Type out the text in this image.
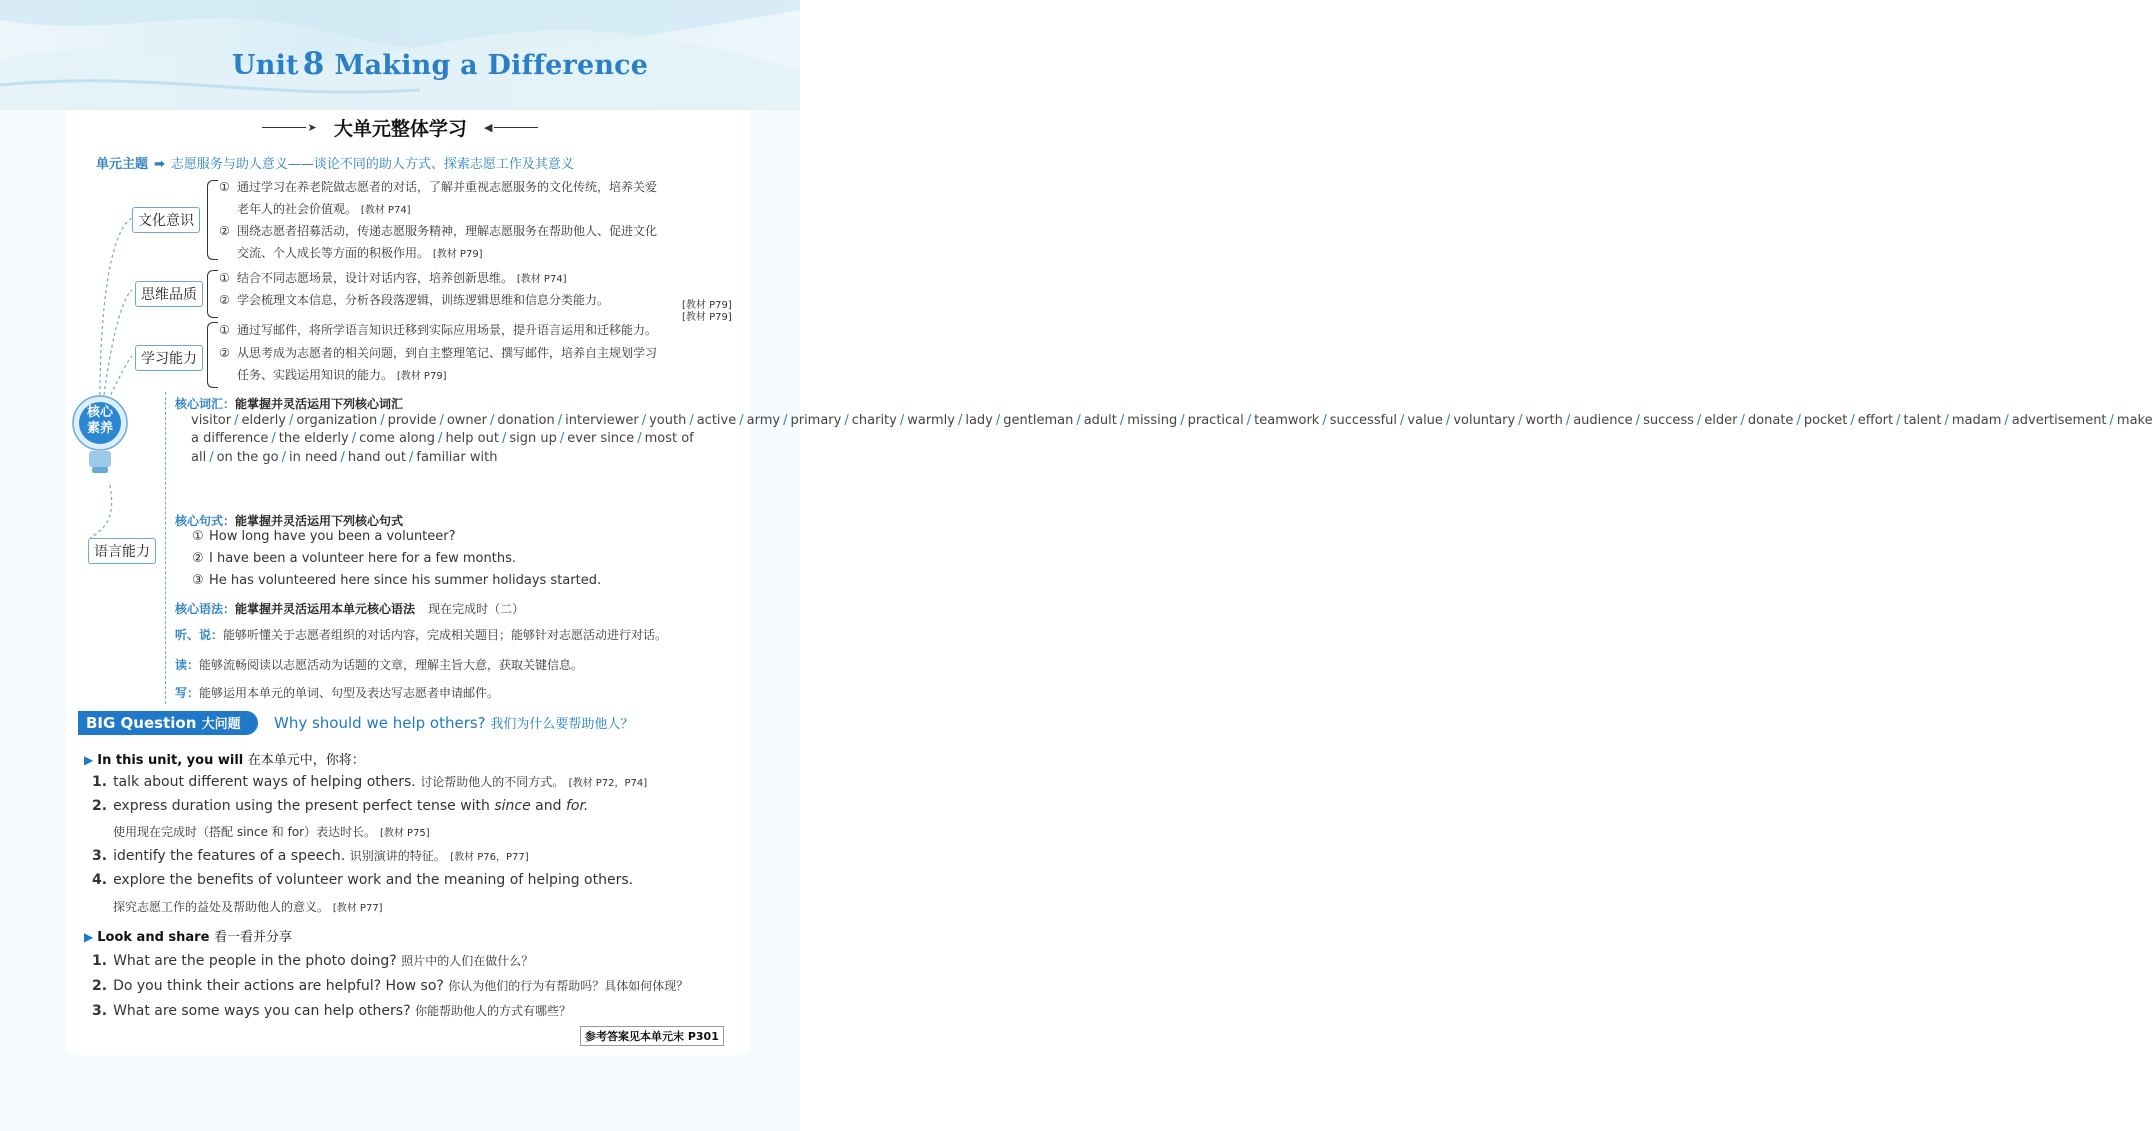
Unit 8 Making a Difference
➤ 大单元整体学习 ◀
单元主题 ➡ 志愿服务与助人意义——谈论不同的助人方式、探索志愿工作及其意义
核心
素养
文化意识
① 通过学习在养老院做志愿者的对话，了解并重视志愿服务的文化传统，培养关爱
老年人的社会价值观。 [教材 P74]
② 围绕志愿者招募活动，传递志愿服务精神，理解志愿服务在帮助他人、促进文化
交流、个人成长等方面的积极作用。 [教材 P79]
思维品质
① 结合不同志愿场景，设计对话内容，培养创新思维。 [教材 P74]
② 学会梳理文本信息，分析各段落逻辑，训练逻辑思维和信息分类能力。	[教材 P79]
学习能力
① 通过写邮件，将所学语言知识迁移到实际应用场景，提升语言运用和迁移能力。
[教材 P79]
② 从思考成为志愿者的相关问题，到自主整理笔记、撰写邮件，培养自主规划学习
任务、实践运用知识的能力。 [教材 P79]
语言能力
核心词汇：能掌握并灵活运用下列核心词汇
visitor / elderly / organization / provide / owner / donation / interviewer / youth / active / army / primary / charity / warmly / lady / gentleman / adult / missing / practical / teamwork / successful / value / voluntary / worth / audience / success / elder / donate / pocket / effort / talent / madam / advertisement / make a difference / the elderly / come along / help out / sign up / ever since / most of all / on the go / in need / hand out / familiar with
核心句式：能掌握并灵活运用下列核心句式
① How long have you been a volunteer?
② I have been a volunteer here for a few months.
③ He has volunteered here since his summer holidays started.
核心语法：能掌握并灵活运用本单元核心语法 现在完成时（二）
听、说：能够听懂关于志愿者组织的对话内容，完成相关题目；能够针对志愿活动进行对话。
读：能够流畅阅读以志愿活动为话题的文章，理解主旨大意，获取关键信息。
写：能够运用本单元的单词、句型及表达写志愿者申请邮件。
BIG Question 大问题	Why should we help others? 我们为什么要帮助他人？
▶ In this unit, you will 在本单元中，你将：
1. talk about different ways of helping others. 讨论帮助他人的不同方式。 [教材 P72，P74]
2. express duration using the present perfect tense with since and for.
使用现在完成时（搭配 since 和 for）表达时长。 [教材 P75]
3. identify the features of a speech. 识别演讲的特征。 [教材 P76，P77]
4. explore the benefits of volunteer work and the meaning of helping others.
探究志愿工作的益处及帮助他人的意义。 [教材 P77]
▶ Look and share 看一看并分享
1. What are the people in the photo doing? 照片中的人们在做什么？
2. Do you think their actions are helpful? How so? 你认为他们的行为有帮助吗？具体如何体现？
3. What are some ways you can help others? 你能帮助他人的方式有哪些？
参考答案见本单元末 P301
